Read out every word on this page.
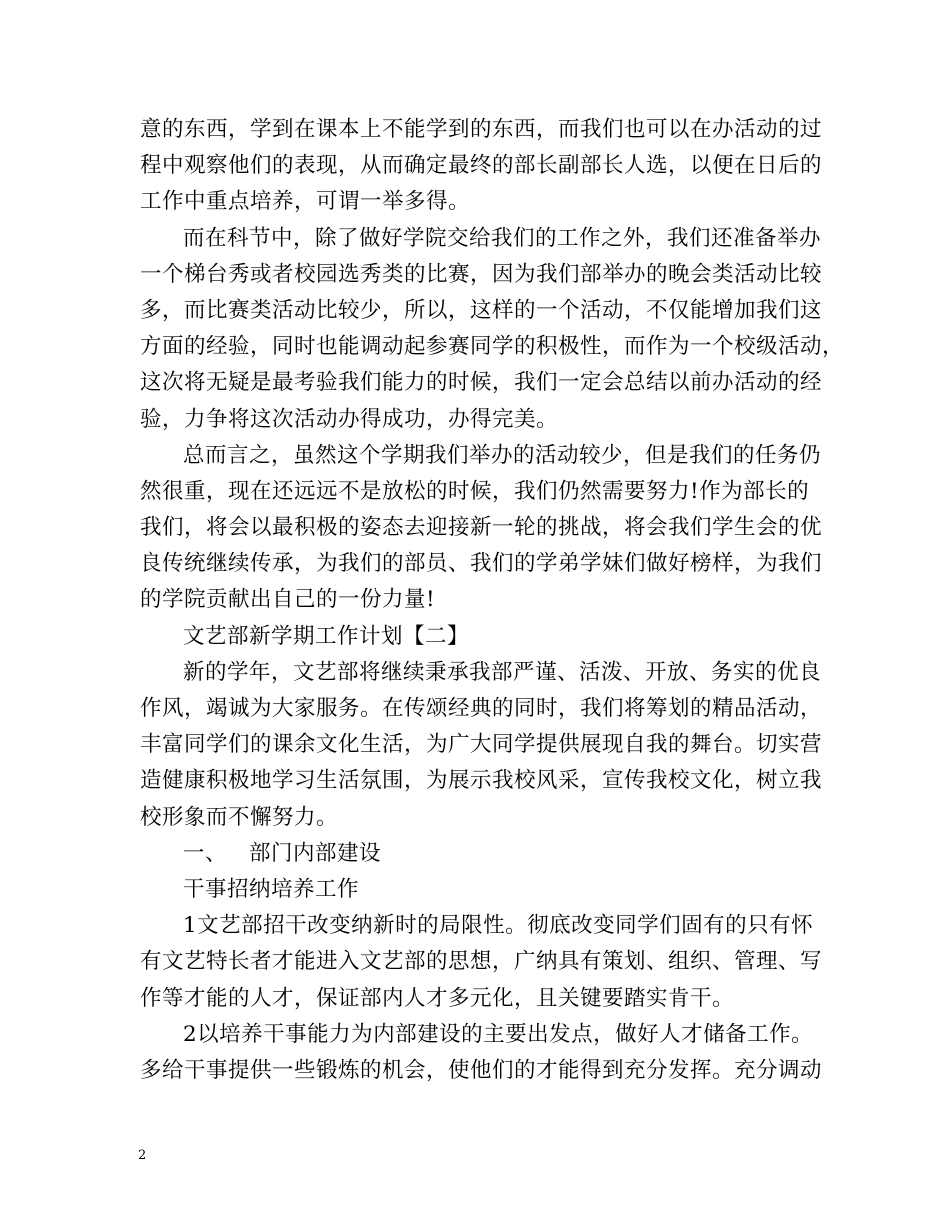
意的东西，学到在课本上不能学到的东西，而我们也可以在办活动的过
程中观察他们的表现，从而确定最终的部长副部长人选，以便在日后的
工作中重点培养，可谓一举多得。
而在科节中，除了做好学院交给我们的工作之外，我们还准备举办
一个梯台秀或者校园选秀类的比赛，因为我们部举办的晚会类活动比较
多，而比赛类活动比较少，所以，这样的一个活动，不仅能增加我们这
方面的经验，同时也能调动起参赛同学的积极性，而作为一个校级活动，
这次将无疑是最考验我们能力的时候，我们一定会总结以前办活动的经
验，力争将这次活动办得成功，办得完美。
总而言之，虽然这个学期我们举办的活动较少，但是我们的任务仍
然很重，现在还远远不是放松的时候，我们仍然需要努力!作为部长的
我们，将会以最积极的姿态去迎接新一轮的挑战，将会我们学生会的优
良传统继续传承，为我们的部员、我们的学弟学妹们做好榜样，为我们
的学院贡献出自己的一份力量!
文艺部新学期工作计划【二】
新的学年，文艺部将继续秉承我部严谨、活泼、开放、务实的优良
作风，竭诚为大家服务。在传颂经典的同时，我们将筹划的精品活动，
丰富同学们的课余文化生活，为广大同学提供展现自我的舞台。切实营
造健康积极地学习生活氛围，为展示我校风采，宣传我校文化，树立我
校形象而不懈努力。
一、 部门内部建设
干事招纳培养工作
1文艺部招干改变纳新时的局限性。彻底改变同学们固有的只有怀
有文艺特长者才能进入文艺部的思想，广纳具有策划、组织、管理、写
作等才能的人才，保证部内人才多元化，且关键要踏实肯干。
2以培养干事能力为内部建设的主要出发点，做好人才储备工作。
多给干事提供一些锻炼的机会，使他们的才能得到充分发挥。充分调动
2
